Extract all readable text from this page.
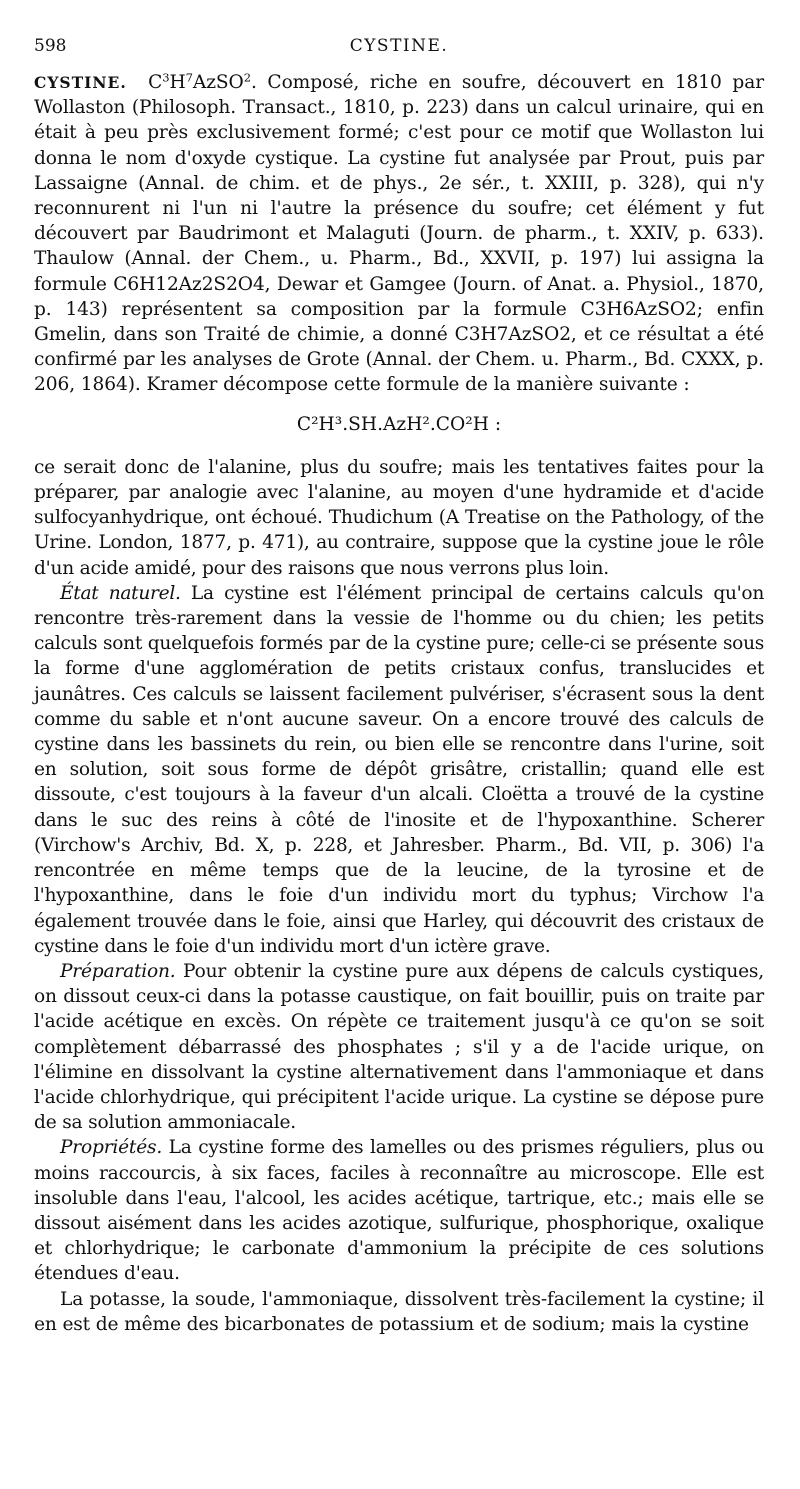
598	CYSTINE.

CYSTINE. $C^3H^7AzSO^2$. Composé, riche en soufre, découvert en 1810 par Wollaston (Philosoph. Transact., 1810, p. 223) dans un calcul urinaire, qui en était à peu près exclusivement formé; c'est pour ce motif que Wollaston lui donna le nom d'oxyde cystique. La cystine fut analysée par Prout, puis par Lassaigne (Annal. de chim. et de phys., 2e sér., t. XXIII, p. 328), qui n'y reconnurent ni l'un ni l'autre la présence du soufre; cet élément y fut découvert par Baudrimont et Malaguti (Journ. de pharm., t. XXIV, p. 633). Thaulow (Annal. der Chem., u. Pharm., Bd., XXVII, p. 197) lui assigna la formule C6H12Az2S2O4, Dewar et Gamgee (Journ. of Anat. a. Physiol., 1870, p. 143) représentent sa composition par la formule C3H6AzSO2; enfin Gmelin, dans son Traité de chimie, a donné C3H7AzSO2, et ce résultat a été confirmé par les analyses de Grote (Annal. der Chem. u. Pharm., Bd. CXXX, p. 206, 1864). Kramer décompose cette formule de la manière suivante :

C²H³.SH.AzH².CO²H :

ce serait donc de l'alanine, plus du soufre; mais les tentatives faites pour la préparer, par analogie avec l'alanine, au moyen d'une hydramide et d'acide sulfocyanhydrique, ont échoué. Thudichum (A Treatise on the Pathology, of the Urine. London, 1877, p. 471), au contraire, suppose que la cystine joue le rôle d'un acide amidé, pour des raisons que nous verrons plus loin.

État naturel. La cystine est l'élément principal de certains calculs qu'on rencontre très-rarement dans la vessie de l'homme ou du chien; les petits calculs sont quelquefois formés par de la cystine pure; celle-ci se présente sous la forme d'une agglomération de petits cristaux confus, translucides et jaunâtres. Ces calculs se laissent facilement pulvériser, s'écrasent sous la dent comme du sable et n'ont aucune saveur. On a encore trouvé des calculs de cystine dans les bassinets du rein, ou bien elle se rencontre dans l'urine, soit en solution, soit sous forme de dépôt grisâtre, cristallin; quand elle est dissoute, c'est toujours à la faveur d'un alcali. Cloëtta a trouvé de la cystine dans le suc des reins à côté de l'inosite et de l'hypoxanthine. Scherer (Virchow's Archiv, Bd. X, p. 228, et Jahresber. Pharm., Bd. VII, p. 306) l'a rencontrée en même temps que de la leucine, de la tyrosine et de l'hypoxanthine, dans le foie d'un individu mort du typhus; Virchow l'a également trouvée dans le foie, ainsi que Harley, qui découvrit des cristaux de cystine dans le foie d'un individu mort d'un ictère grave.

Préparation. Pour obtenir la cystine pure aux dépens de calculs cystiques, on dissout ceux-ci dans la potasse caustique, on fait bouillir, puis on traite par l'acide acétique en excès. On répète ce traitement jusqu'à ce qu'on se soit complètement débarrassé des phosphates ; s'il y a de l'acide urique, on l'élimine en dissolvant la cystine alternativement dans l'ammoniaque et dans l'acide chlorhydrique, qui précipitent l'acide urique. La cystine se dépose pure de sa solution ammoniacale.

Propriétés. La cystine forme des lamelles ou des prismes réguliers, plus ou moins raccourcis, à six faces, faciles à reconnaître au microscope. Elle est insoluble dans l'eau, l'alcool, les acides acétique, tartrique, etc.; mais elle se dissout aisément dans les acides azotique, sulfurique, phosphorique, oxalique et chlorhydrique; le carbonate d'ammonium la précipite de ces solutions étendues d'eau.

La potasse, la soude, l'ammoniaque, dissolvent très-facilement la cystine; il en est de même des bicarbonates de potassium et de sodium; mais la cystine
